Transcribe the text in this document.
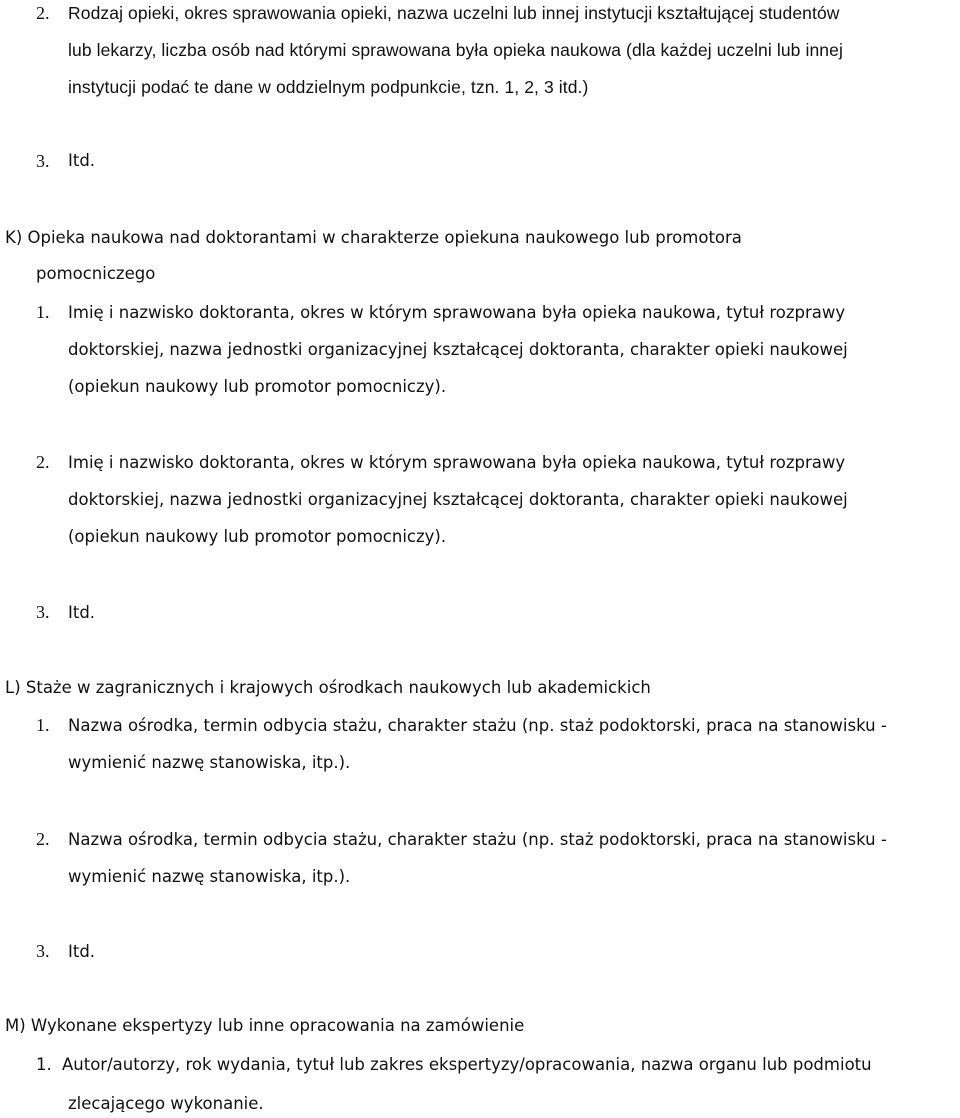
2. Rodzaj opieki, okres sprawowania opieki, nazwa uczelni lub innej instytucji kształtującej studentów
lub lekarzy, liczba osób nad którymi sprawowana była opieka naukowa (dla każdej uczelni lub innej
instytucji podać te dane w oddzielnym podpunkcie, tzn. 1, 2, 3 itd.)
3. Itd.
K) Opieka naukowa nad doktorantami w charakterze opiekuna naukowego lub promotora
pomocniczego
1. Imię i nazwisko doktoranta, okres w którym sprawowana była opieka naukowa, tytuł rozprawy
doktorskiej, nazwa jednostki organizacyjnej kształcącej doktoranta, charakter opieki naukowej
(opiekun naukowy lub promotor pomocniczy).
2. Imię i nazwisko doktoranta, okres w którym sprawowana była opieka naukowa, tytuł rozprawy
doktorskiej, nazwa jednostki organizacyjnej kształcącej doktoranta, charakter opieki naukowej
(opiekun naukowy lub promotor pomocniczy).
3. Itd.
L) Staże w zagranicznych i krajowych ośrodkach naukowych lub akademickich
1. Nazwa ośrodka, termin odbycia stażu, charakter stażu (np. staż podoktorski, praca na stanowisku -
wymienić nazwę stanowiska, itp.).
2. Nazwa ośrodka, termin odbycia stażu, charakter stażu (np. staż podoktorski, praca na stanowisku -
wymienić nazwę stanowiska, itp.).
3. Itd.
M) Wykonane ekspertyzy lub inne opracowania na zamówienie
1. Autor/autorzy, rok wydania, tytuł lub zakres ekspertyzy/opracowania, nazwa organu lub podmiotu
zlecającego wykonanie.
